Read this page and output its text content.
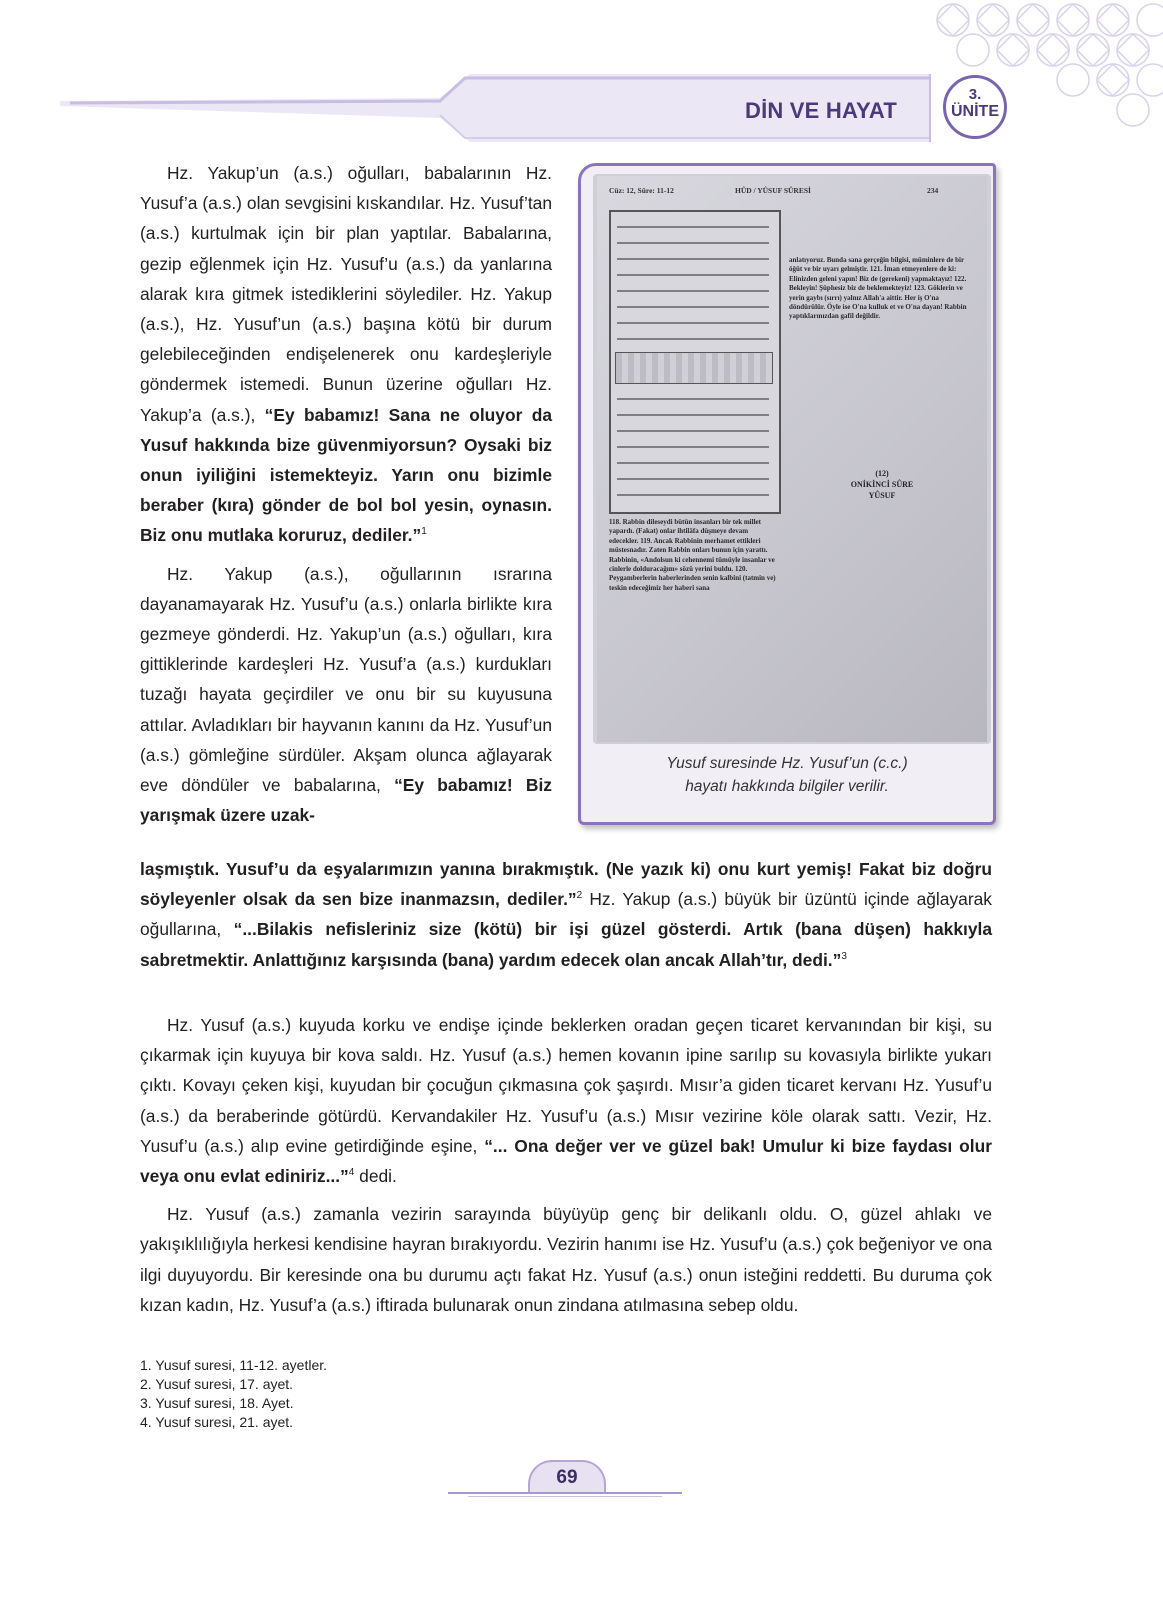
DİN VE HAYAT
3.
ÜNİTE

Hz. Yakup’un (a.s.) oğulları, babalarının Hz. Yusuf’a (a.s.) olan sevgisini kıskandılar. Hz. Yusuf’tan (a.s.) kurtulmak için bir plan yaptılar. Babalarına, gezip eğlenmek için Hz. Yusuf’u (a.s.) da yanlarına alarak kıra gitmek istediklerini söylediler. Hz. Yakup (a.s.), Hz. Yusuf’un (a.s.) başına kötü bir durum gelebileceğinden endişelenerek onu kardeşleriyle göndermek istemedi. Bunun üzerine oğulları Hz. Yakup’a (a.s.), “Ey babamız! Sana ne oluyor da Yusuf hakkında bize güvenmiyorsun? Oysaki biz onun iyiliğini istemekteyiz. Yarın onu bizimle beraber (kıra) gönder de bol bol yesin, oynasın. Biz onu mutlaka koruruz, dediler.”$^1$

Hz. Yakup (a.s.), oğullarının ısrarına dayanamayarak Hz. Yusuf’u (a.s.) onlarla birlikte kıra gezmeye gönderdi. Hz. Yakup’un (a.s.) oğulları, kıra gittiklerinde kardeşleri Hz. Yusuf’a (a.s.) kurdukları tuzağı hayata geçirdiler ve onu bir su kuyusuna attılar. Avladıkları bir hayvanın kanını da Hz. Yusuf’un (a.s.) gömleğine sürdüler. Akşam olunca ağlayarak eve döndüler ve babalarına, “Ey babamız! Biz yarışmak üzere uzak-

laşmıştık. Yusuf’u da eşyalarımızın yanına bırakmıştık. (Ne yazık ki) onu kurt yemiş! Fakat biz doğru söyleyenler olsak da sen bize inanmazsın, dediler.”$^2$ Hz. Yakup (a.s.) büyük bir üzüntü içinde ağlayarak oğullarına, “...Bilakis nefisleriniz size (kötü) bir işi güzel gösterdi. Artık (bana düşen) hakkıyla sabretmektir. Anlattığınız karşısında (bana) yardım edecek olan ancak Allah’tır, dedi.”$^3$

Hz. Yusuf (a.s.) kuyuda korku ve endişe içinde beklerken oradan geçen ticaret kervanından bir kişi, su çıkarmak için kuyuya bir kova saldı. Hz. Yusuf (a.s.) hemen kovanın ipine sarılıp su kovasıyla birlikte yukarı çıktı. Kovayı çeken kişi, kuyudan bir çocuğun çıkmasına çok şaşırdı. Mısır’a giden ticaret kervanı Hz. Yusuf’u (a.s.) da beraberinde götürdü. Kervandakiler Hz. Yusuf’u (a.s.) Mısır vezirine köle olarak sattı. Vezir, Hz. Yusuf’u (a.s.) alıp evine getirdiğinde eşine, “... Ona değer ver ve güzel bak! Umulur ki bize faydası olur veya onu evlat ediniriz...”$^4$ dedi.

Hz. Yusuf (a.s.) zamanla vezirin sarayında büyüyüp genç bir delikanlı oldu. O, güzel ahlakı ve yakışıklılığıyla herkesi kendisine hayran bırakıyordu. Vezirin hanımı ise Hz. Yusuf’u (a.s.) çok beğeniyor ve ona ilgi duyuyordu. Bir keresinde ona bu durumu açtı fakat Hz. Yusuf (a.s.) onun isteğini reddetti. Bu duruma çok kızan kadın, Hz. Yusuf’a (a.s.) iftirada bulunarak onun zindana atılmasına sebep oldu.

Cüz: 12, Sûre: 11-12	HÛD / YÛSUF SÛRESİ	234
anlatıyoruz. Bunda sana gerçeğin bilgisi, müminlere de bir öğüt ve bir uyarı gelmiştir. 121. İman etmeyenlere de ki: Elinizden geleni yapın! Biz de (gerekeni) yapmaktayız! 122. Bekleyin! Şüphesiz biz de beklemekteyiz! 123. Göklerin ve yerin gaybı (sırrı) yalnız Allah'a aittir. Her iş O'na döndürülür. Öyle ise O'na kulluk et ve O'na dayan! Rabbin yaptıklarınızdan gafil değildir.
(12)
ONİKİNCİ SÛRE
YÛSUF
118. Rabbin dileseydi bütün insanları bir tek millet yapardı. (Fakat) onlar ihtilâfa düşmeye devam edecekler. 119. Ancak Rabbinin merhamet ettikleri müstesnadır. Zaten Rabbin onları bunun için yarattı. Rabbinin, «Andolsun ki cehennemi tümüyle insanlar ve cinlerle dolduracağım» sözü yerini buldu. 120. Peygamberlerin haberlerinden senin kalbini (tatmin ve) teskin edeceğimiz her haberi sana
Yusuf suresinde Hz. Yusuf’un (c.c.)
hayatı hakkında bilgiler verilir.
1. Yusuf suresi, 11-12. ayetler.
2. Yusuf suresi, 17. ayet.
3. Yusuf suresi, 18. Ayet.
4. Yusuf suresi, 21. ayet.
69
